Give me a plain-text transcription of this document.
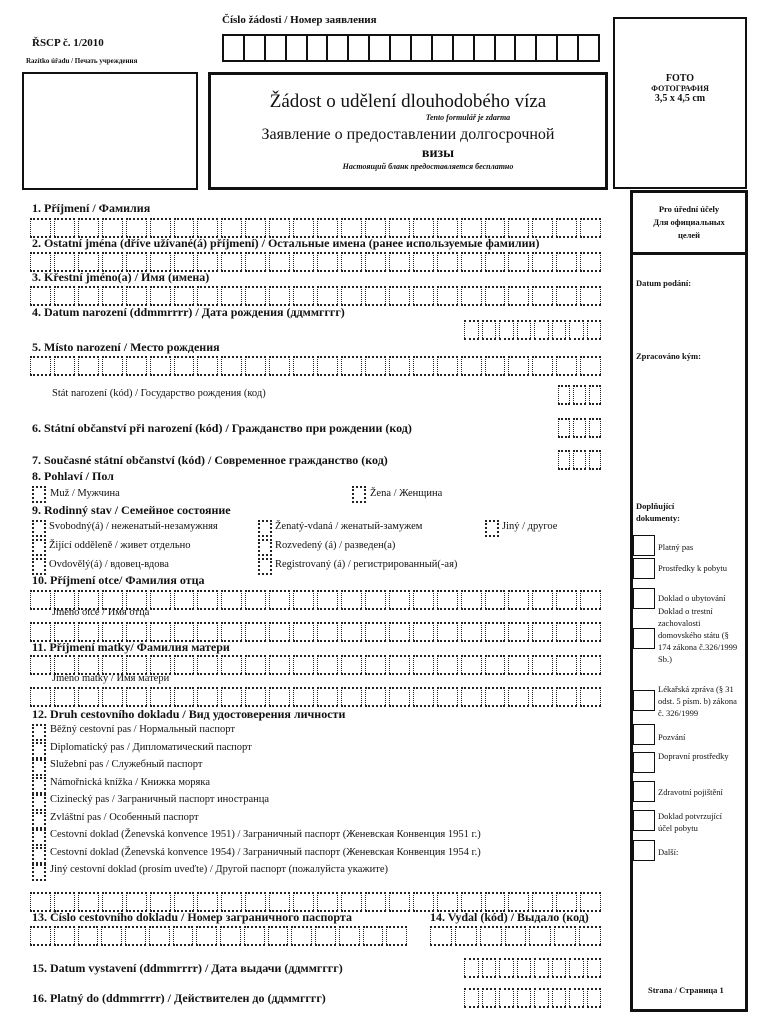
Číslo žádosti / Номер заявления
ŘSCP č. 1/2010
Razítko úřadu / Печать учреждения
Žádost o udělení dlouhodobého víza
Tento formulář je zdarma
Заявление о предоставлении долгосрочной
визы
Настоящий бланк предоставляется бесплатно
FOTO
ФОТОГРАФИЯ
3,5 x 4,5 cm
Pro úřední účely
Для официальных
целей
Datum podání:
Zpracováno kým:
Doplňující
dokumenty:
Platný pas
Prostředky k pobytu
Doklad o ubytování
Doklad o trestní zachovalosti domovského státu (§ 174 zákona č.326/1999 Sb.)
Lékařská zpráva (§ 31 odst. 5 písm. b) zákona č. 326/1999
Pozvání
Dopravní prostředky
Zdravotní pojištění
Doklad potvrzující účel pobytu
Další:
Strana / Страница 1
1. Příjmení / Фамилия
2. Ostatní jména (dříve užívané(á) příjmení) / Остальные имена (ранее используемые фамилии)
3. Křestní jméno(a) / Имя (имена)
4. Datum narození (ddmmrrrr) / Дата рождения (ддммгггг)
5. Místo narození / Место рождения
Stát narození (kód) / Государство рождения (код)
6. Státní občanství při narození (kód) / Гражданство при рождении (код)
7. Současné státní občanství (kód) / Современное гражданство (код)
8. Pohlaví / Пол
Muž / Мужчина	Žena / Женщина
9. Rodinný stav / Семейное состояние
Svobodný(á) / неженатый-незамужняя	Ženatý-vdaná / женатый-замужем	Jiný / другое
Žijící odděleně / живет отдельно	Rozvedený (á) / разведен(а)
Ovdovělý(á) / вдовец-вдова	Registrovaný (á) / регистрированный(-ая)
10. Příjmení otce/ Фамилия отца
Jméno otce / Имя отца
11. Příjmení matky/ Фамилия матери
Jméno matky / Имя матери
12. Druh cestovního dokladu / Вид удостоверения личности
Běžný cestovní pas / Нормальный паспорт
Diplomatický pas / Дипломатический паспорт
Služební pas / Служебный паспорт
Námořnická knížka / Книжка моряка
Cizinecký pas / Заграничный паспорт иностранца
Zvláštní pas / Особенный паспорт
Cestovní doklad (Ženevská konvence 1951) / Заграничный паспорт (Женевская Конвенция 1951 г.)
Cestovní doklad (Ženevská konvence 1954) / Заграничный паспорт (Женевская Конвенция 1954 г.)
Jiný cestovní doklad (prosím uveďte) / Другой паспорт (пожалуйста укажите)
13. Číslo cestovního dokladu / Номер заграничного паспорта	14. Vydal (kód) / Выдало (код)
15. Datum vystavení (ddmmrrrr) / Дата выдачи (ддммгггг)
16. Platný do (ddmmrrrr) / Действителен до (ддммгггг)
